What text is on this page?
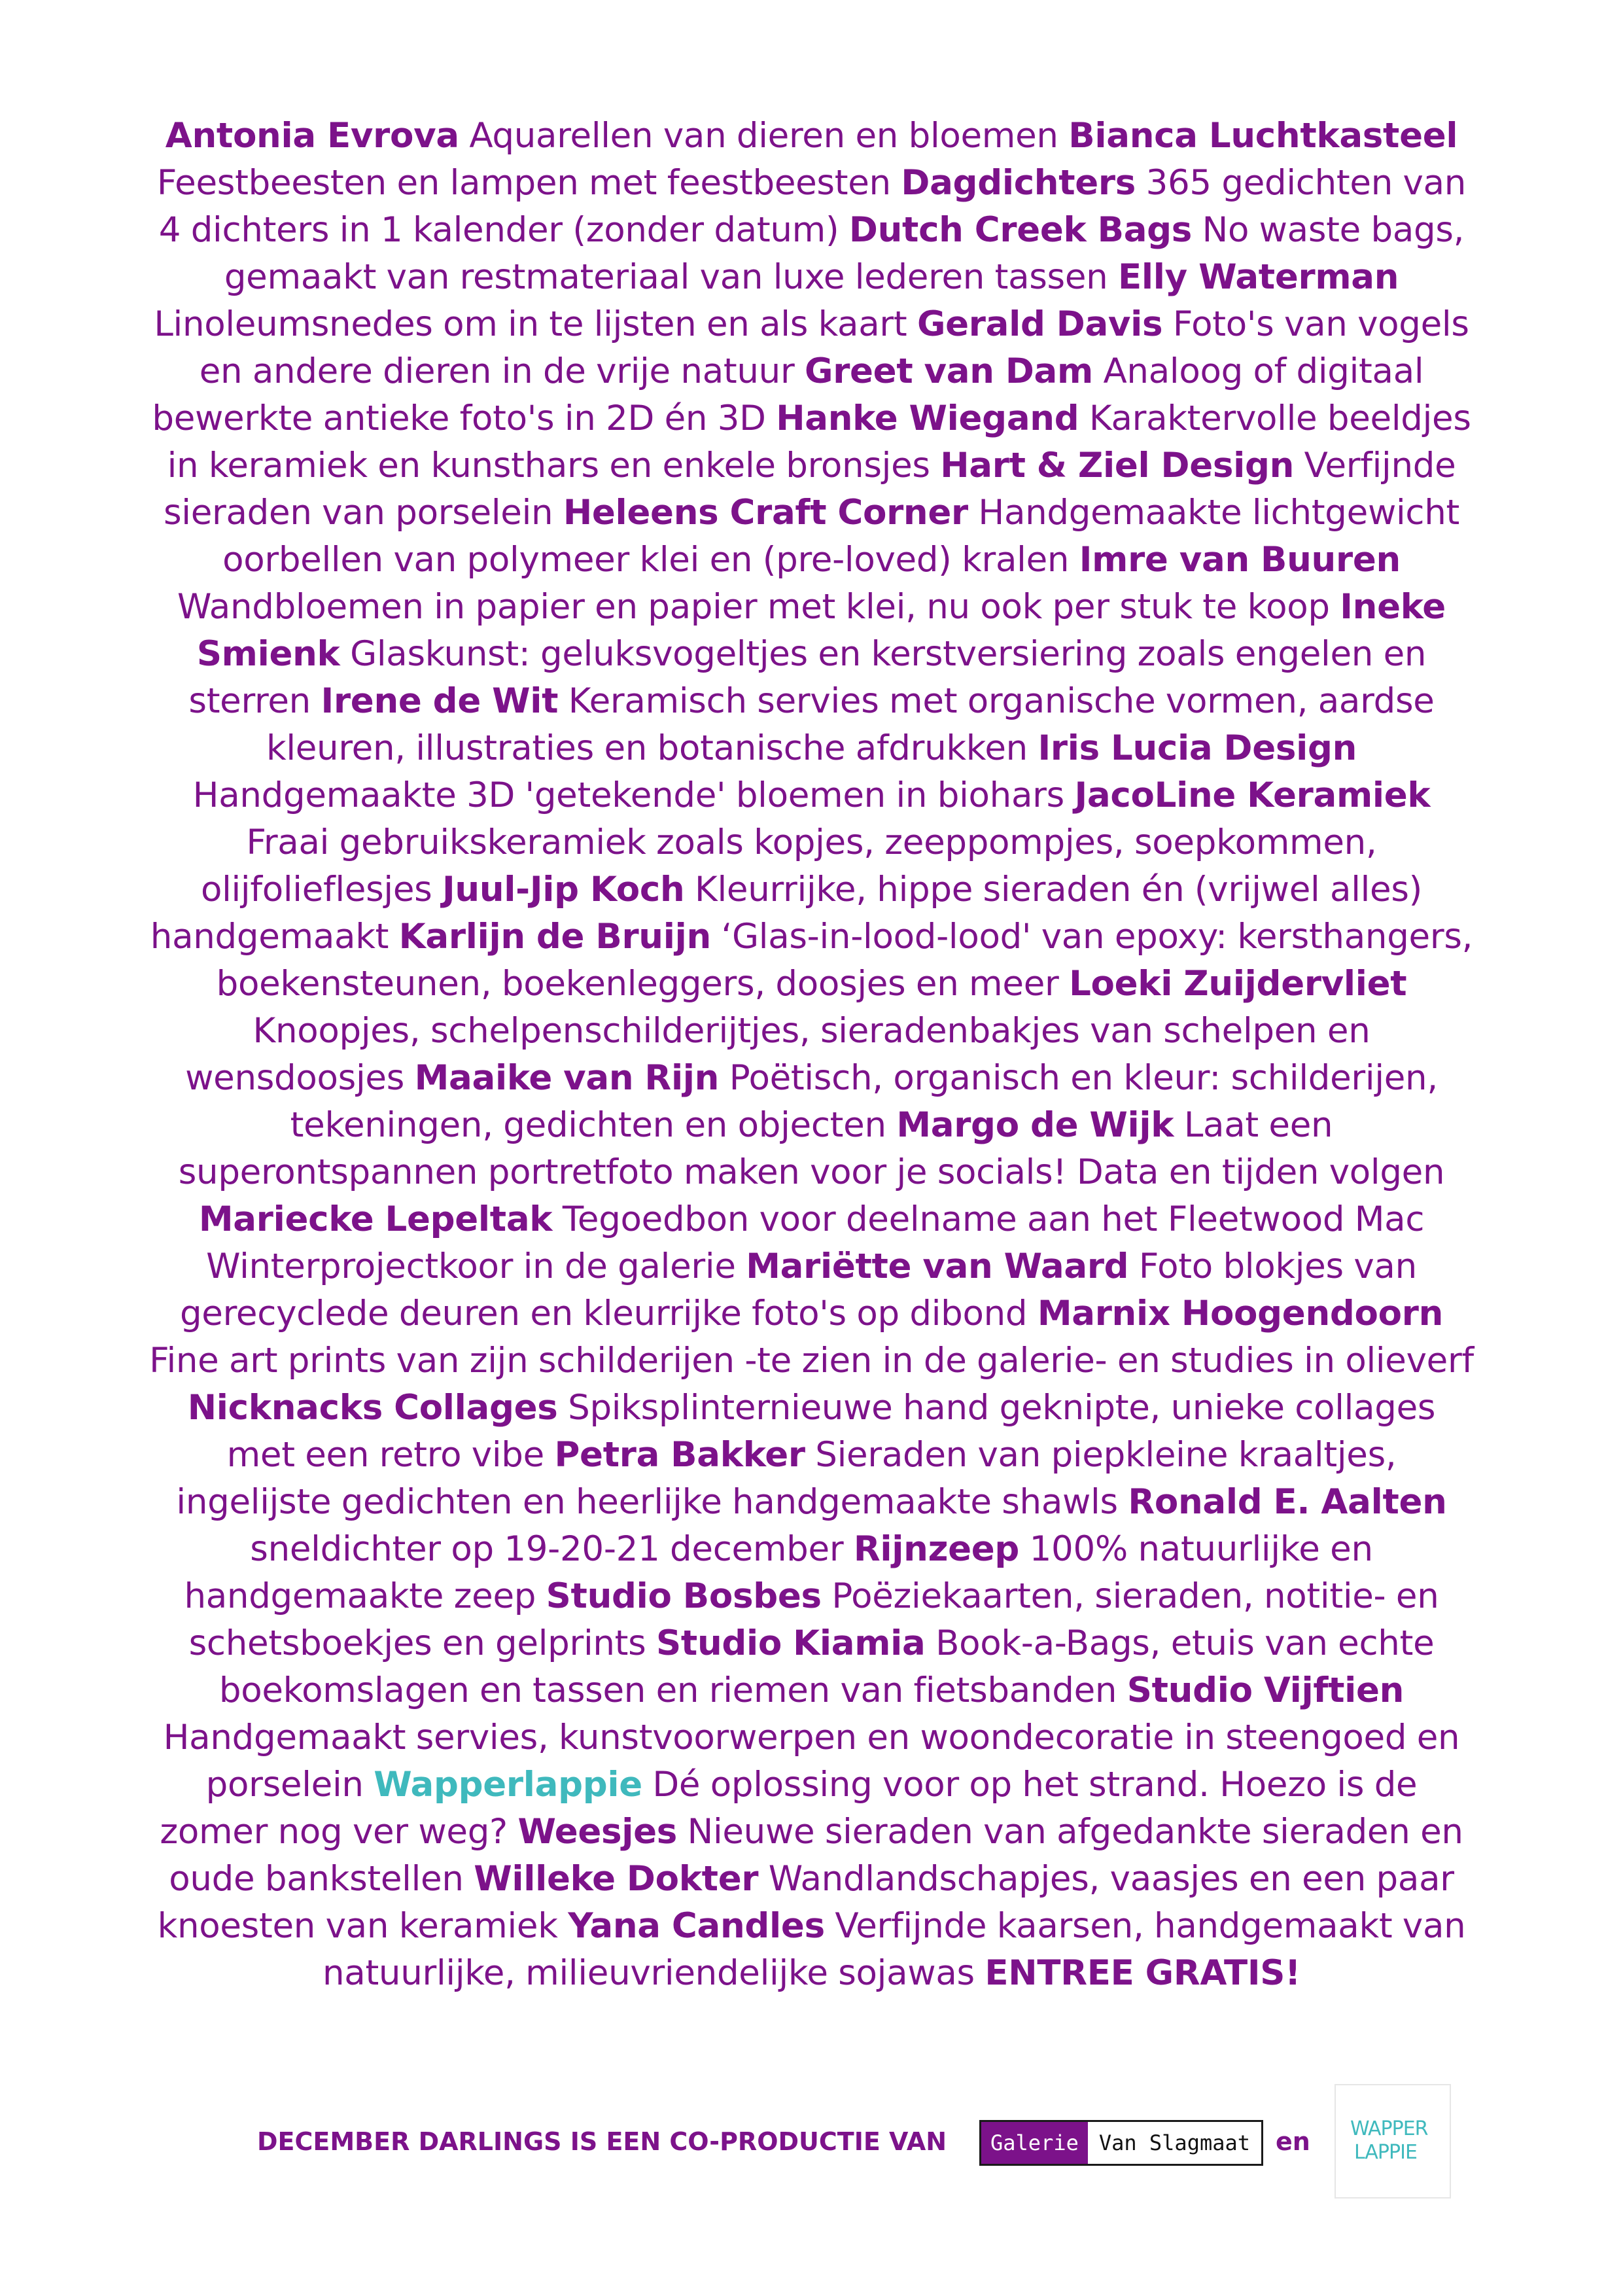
Antonia Evrova Aquarellen van dieren en bloemen Bianca Luchtkasteel Feestbeesten en lampen met feestbeesten Dagdichters 365 gedichten van 4 dichters in 1 kalender (zonder datum) Dutch Creek Bags No waste bags, gemaakt van restmateriaal van luxe lederen tassen Elly Waterman Linoleumsnedes om in te lijsten en als kaart Gerald Davis Foto's van vogels en andere dieren in de vrije natuur Greet van Dam Analoog of digitaal bewerkte antieke foto's in 2D én 3D Hanke Wiegand Karaktervolle beeldjes in keramiek en kunsthars en enkele bronsjes Hart & Ziel Design Verfijnde sieraden van porselein Heleens Craft Corner Handgemaakte lichtgewicht oorbellen van polymeer klei en (pre-loved) kralen Imre van Buuren Wandbloemen in papier en papier met klei, nu ook per stuk te koop Ineke Smienk Glaskunst: geluksvogeltjes en kerstversiering zoals engelen en sterren Irene de Wit Keramisch servies met organische vormen, aardse kleuren, illustraties en botanische afdrukken Iris Lucia Design Handgemaakte 3D 'getekende' bloemen in biohars JacoLine Keramiek Fraai gebruikskeramiek zoals kopjes, zeeppompjes, soepkommen, olijfolieflesjes Juul-Jip Koch Kleurrijke, hippe sieraden én (vrijwel alles) handgemaakt Karlijn de Bruijn ‘Glas-in-lood-lood' van epoxy: kersthangers, boekensteunen, boekenleggers, doosjes en meer Loeki Zuijdervliet Knoopjes, schelpenschilderijtjes, sieradenbakjes van schelpen en wensdoosjes Maaike van Rijn Poëtisch, organisch en kleur: schilderijen, tekeningen, gedichten en objecten Margo de Wijk Laat een superontspannen portretfoto maken voor je socials! Data en tijden volgen Mariecke Lepeltak Tegoedbon voor deelname aan het Fleetwood Mac Winterprojectkoor in de galerie Mariëtte van Waard Foto blokjes van gerecyclede deuren en kleurrijke foto's op dibond Marnix Hoogendoorn Fine art prints van zijn schilderijen -te zien in de galerie- en studies in olieverf Nicknacks Collages Spiksplinternieuwe hand geknipte, unieke collages met een retro vibe Petra Bakker Sieraden van piepkleine kraaltjes, ingelijste gedichten en heerlijke handgemaakte shawls Ronald E. Aalten sneldichter op 19-20-21 december Rijnzeep 100% natuurlijke en handgemaakte zeep Studio Bosbes Poëziekaarten, sieraden, notitie- en schetsboekjes en gelprints Studio Kiamia Book-a-Bags, etuis van echte boekomslagen en tassen en riemen van fietsbanden Studio Vijftien Handgemaakt servies, kunstvoorwerpen en woondecoratie in steengoed en porselein Wapperlappie Dé oplossing voor op het strand. Hoezo is de zomer nog ver weg? Weesjes Nieuwe sieraden van afgedankte sieraden en oude bankstellen Willeke Dokter Wandlandschapjes, vaasjes en een paar knoesten van keramiek Yana Candles Verfijnde kaarsen, handgemaakt van natuurlijke, milieuvriendelijke sojawas ENTREE GRATIS!
DECEMBER DARLINGS IS EEN CO-PRODUCTIE VAN	Galerie Van Slagmaat	en WAPPER
LAPPIE
